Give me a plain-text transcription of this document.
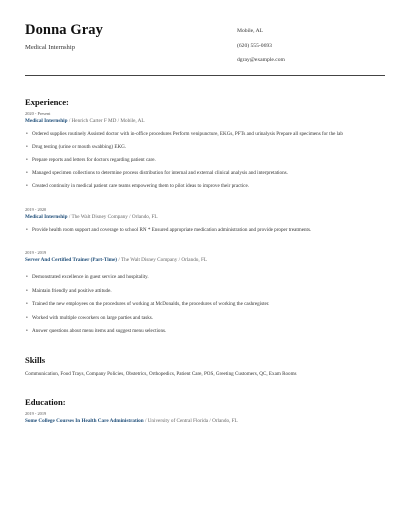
Donna Gray
Medical Internship
Mobile, AL
(620) 555-0693
dgray@example.com
Experience:
2020 - Present
Medical Internship / Henrich Carter F MD / Mobile, AL
• Ordered supplies routinely Assisted doctor with in-office procedures Perform venipuncture, EKGs, PFTs and urinalysis Prepare all specimens for the lab
• Drug testing (urine or mouth swabbing) EKG.
• Prepare reports and letters for doctors regarding patient care.
• Managed specimen collections to determine process distribution for internal and external clinical analysis and interpretations.
• Created continuity in medical patient care teams empowering them to pilot ideas to improve their practice.
2019 - 2020
Medical Internship / The Walt Disney Company / Orlando, FL
• Provide health room support and coverage to school RN * Ensured appropriate medication administration and provide proper treatments.
2019 - 2019
Server And Certified Trainer (Part-Time) / The Walt Disney Company / Orlando, FL
• Demonstrated excellence in guest service and hospitality.
• Maintain friendly and positive attitude.
• Trained the new employees on the procedures of working at McDonalds, the procedures of working the cashregister.
• Worked with multiple coworkers on large parties and tasks.
• Answer questions about menu items and suggest menu selections.
Skills
Communication, Food Trays, Company Policies, Obstetrics, Orthopedics, Patient Care, POS, Greeting Customers, QC, Exam Rooms
Education:
2019 - 2019
Some College Courses In Health Care Administration / University of Central Florida / Orlando, FL
